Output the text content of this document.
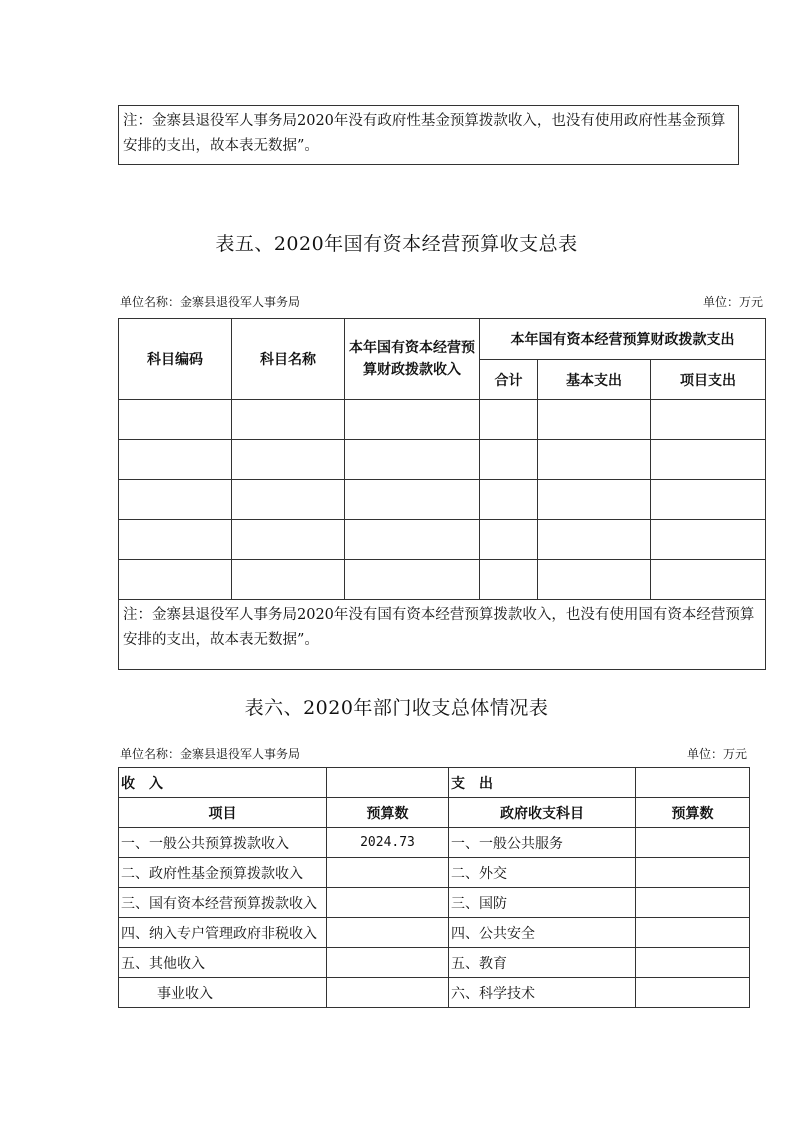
注：金寨县退役军人事务局2020年没有政府性基金预算拨款收入，也没有使用政府性基金预算安排的支出，故本表无数据”。
表五、2020年国有资本经营预算收支总表
单位名称：金寨县退役军人事务局	单位：万元
科目编码	科目名称	本年国有资本经营预算财政拨款收入	本年国有资本经营预算财政拨款支出		
			合计	基本支出	项目支出

注：金寨县退役军人事务局2020年没有国有资本经营预算拨款收入，也没有使用国有资本经营预算安排的支出，故本表无数据”。					
表六、2020年部门收支总体情况表
单位名称：金寨县退役军人事务局	单位：万元
收　入		支　出	
项目	预算数	政府收支科目	预算数
一、一般公共预算拨款收入	2024.73	一、一般公共服务	
二、政府性基金预算拨款收入		二、外交	
三、国有资本经营预算拨款收入		三、国防	
四、纳入专户管理政府非税收入		四、公共安全	
五、其他收入		五、教育	
事业收入		六、科学技术	
